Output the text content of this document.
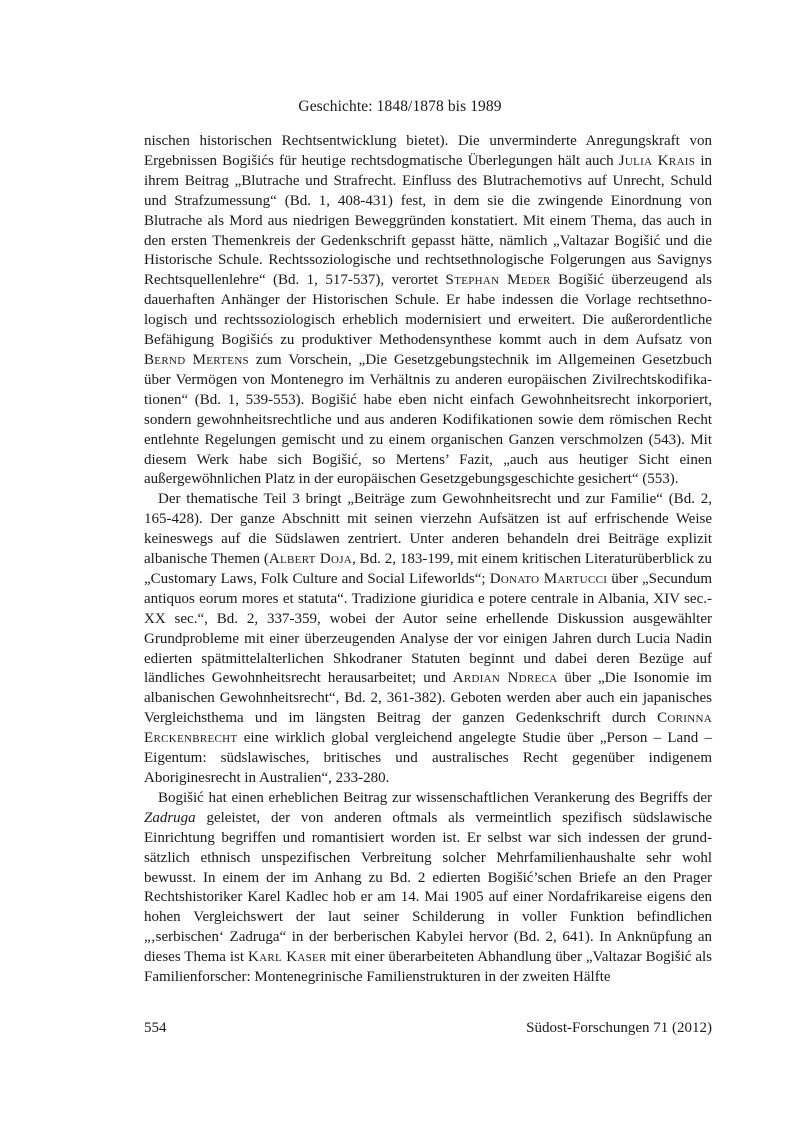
Geschichte: 1848/1878 bis 1989

nischen historischen Rechtsentwicklung bietet). Die unverminderte Anregungskraft von Ergebnissen Bogišićs für heutige rechtsdogmatische Überlegungen hält auch Julia Krais in ihrem Beitrag „Blutrache und Strafrecht. Einfluss des Blutrachemotivs auf Unrecht, Schuld und Strafzumessung“ (Bd. 1, 408-431) fest, in dem sie die zwingende Einordnung von Blutrache als Mord aus niedrigen Beweggründen konstatiert. Mit einem Thema, das auch in den ersten Themenkreis der Gedenkschrift gepasst hätte, nämlich „Valtazar Bogišić und die Historische Schule. Rechtssoziologische und rechtsethnologische Folgerungen aus Savignys Rechtsquellenlehre“ (Bd. 1, 517-537), verortet Stephan Meder Bogišić überzeugend als dauerhaften Anhänger der Historischen Schule. Er habe indessen die Vorlage rechtsethnologisch und rechtssoziologisch erheblich modernisiert und erweitert. Die außerordentliche Befähigung Bogišićs zu produktiver Methodensynthese kommt auch in dem Aufsatz von Bernd Mertens zum Vorschein, „Die Gesetzgebungstechnik im Allgemeinen Gesetzbuch über Vermögen von Montenegro im Verhältnis zu anderen europäischen Zivilrechtskodifikationen“ (Bd. 1, 539-553). Bogišić habe eben nicht einfach Gewohnheitsrecht inkorporiert, sondern gewohnheitsrechtliche und aus anderen Kodifikationen sowie dem römischen Recht entlehnte Regelungen gemischt und zu einem organischen Ganzen verschmolzen (543). Mit diesem Werk habe sich Bogišić, so Mertens’ Fazit, „auch aus heutiger Sicht einen außergewöhnlichen Platz in der europäischen Gesetzgebungsgeschichte gesichert“ (553).

Der thematische Teil 3 bringt „Beiträge zum Gewohnheitsrecht und zur Familie“ (Bd. 2, 165-428). Der ganze Abschnitt mit seinen vierzehn Aufsätzen ist auf erfrischende Weise keineswegs auf die Südslawen zentriert. Unter anderen behandeln drei Beiträge explizit albanische Themen (Albert Doja, Bd. 2, 183-199, mit einem kritischen Literaturüberblick zu „Customary Laws, Folk Culture and Social Lifeworlds“; Donato Martucci über „Secundum antiquos eorum mores et statuta“. Tradizione giuridica e potere centrale in Albania, XIV sec.-XX sec.“, Bd. 2, 337-359, wobei der Autor seine erhellende Diskussion ausgewählter Grundprobleme mit einer überzeugenden Analyse der vor einigen Jahren durch Lucia Nadin edierten spätmittelalterlichen Shkodraner Statuten beginnt und dabei deren Bezüge auf ländliches Gewohnheitsrecht herausarbeitet; und Ardian Ndreca über „Die Isonomie im albanischen Gewohnheitsrecht“, Bd. 2, 361-382). Geboten werden aber auch ein japanisches Vergleichsthema und im längsten Beitrag der ganzen Gedenkschrift durch Corinna Erckenbrecht eine wirklich global vergleichend angelegte Studie über „Person – Land – Eigentum: südslawisches, britisches und australisches Recht gegenüber indigenem Aboriginesrecht in Australien“, 233-280.

Bogišić hat einen erheblichen Beitrag zur wissenschaftlichen Verankerung des Begriffs der Zadruga geleistet, der von anderen oftmals als vermeintlich spezifisch südslawische Einrichtung begriffen und romantisiert worden ist. Er selbst war sich indessen der grundsätzlich ethnisch unspezifischen Verbreitung solcher Mehrfamilienhaushalte sehr wohl bewusst. In einem der im Anhang zu Bd. 2 edierten Bogišić’schen Briefe an den Prager Rechtshistoriker Karel Kadlec hob er am 14. Mai 1905 auf einer Nordafrikareise eigens den hohen Vergleichswert der laut seiner Schilderung in voller Funktion befindlichen „‚serbischen‘ Zadruga“ in der berberischen Kabylei hervor (Bd. 2, 641). In Anknüpfung an dieses Thema ist Karl Kaser mit einer überarbeiteten Abhandlung über „Valtazar Bogišić als Familienforscher: Montenegrinische Familienstrukturen in der zweiten Hälfte

554	Südost-Forschungen 71 (2012)
